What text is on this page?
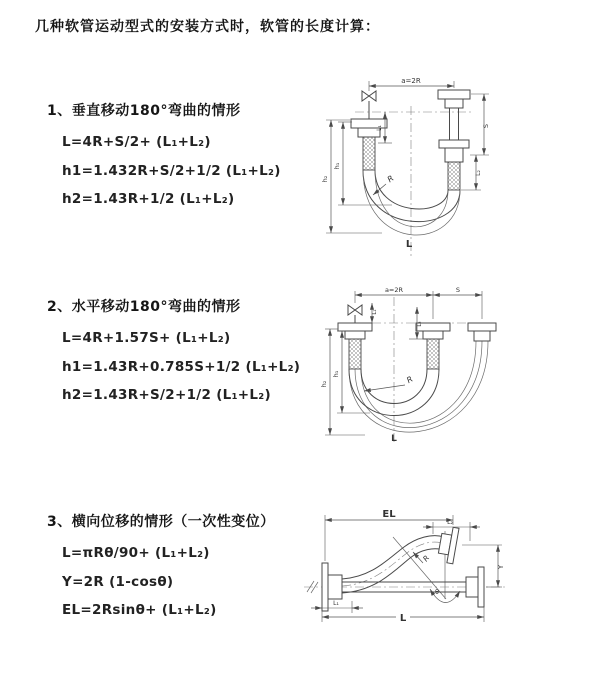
几种软管运动型式的安装方式时，软管的长度计算：
1、垂直移动180°弯曲的情形
L=4R+S/2+ (L₁+L₂)
h1=1.432R+S/2+1/2 (L₁+L₂)
h2=1.43R+1/2 (L₁+L₂)
2、水平移动180°弯曲的情形
L=4R+1.57S+ (L₁+L₂)
h1=1.43R+0.785S+1/2 (L₁+L₂)
h2=1.43R+S/2+1/2 (L₁+L₂)
3、横向位移的情形（一次性变位）
L=πRθ/90+ (L₁+L₂)
Y=2R (1-cosθ)
EL=2Rsinθ+ (L₁+L₂)
a=2R
L₁
h₁
h₂
S
L₂
R
L
a=2R	S
h₁
h₂
L₁
L₂
R
L
θ
EL
L₂
Y
R
L₁
L
